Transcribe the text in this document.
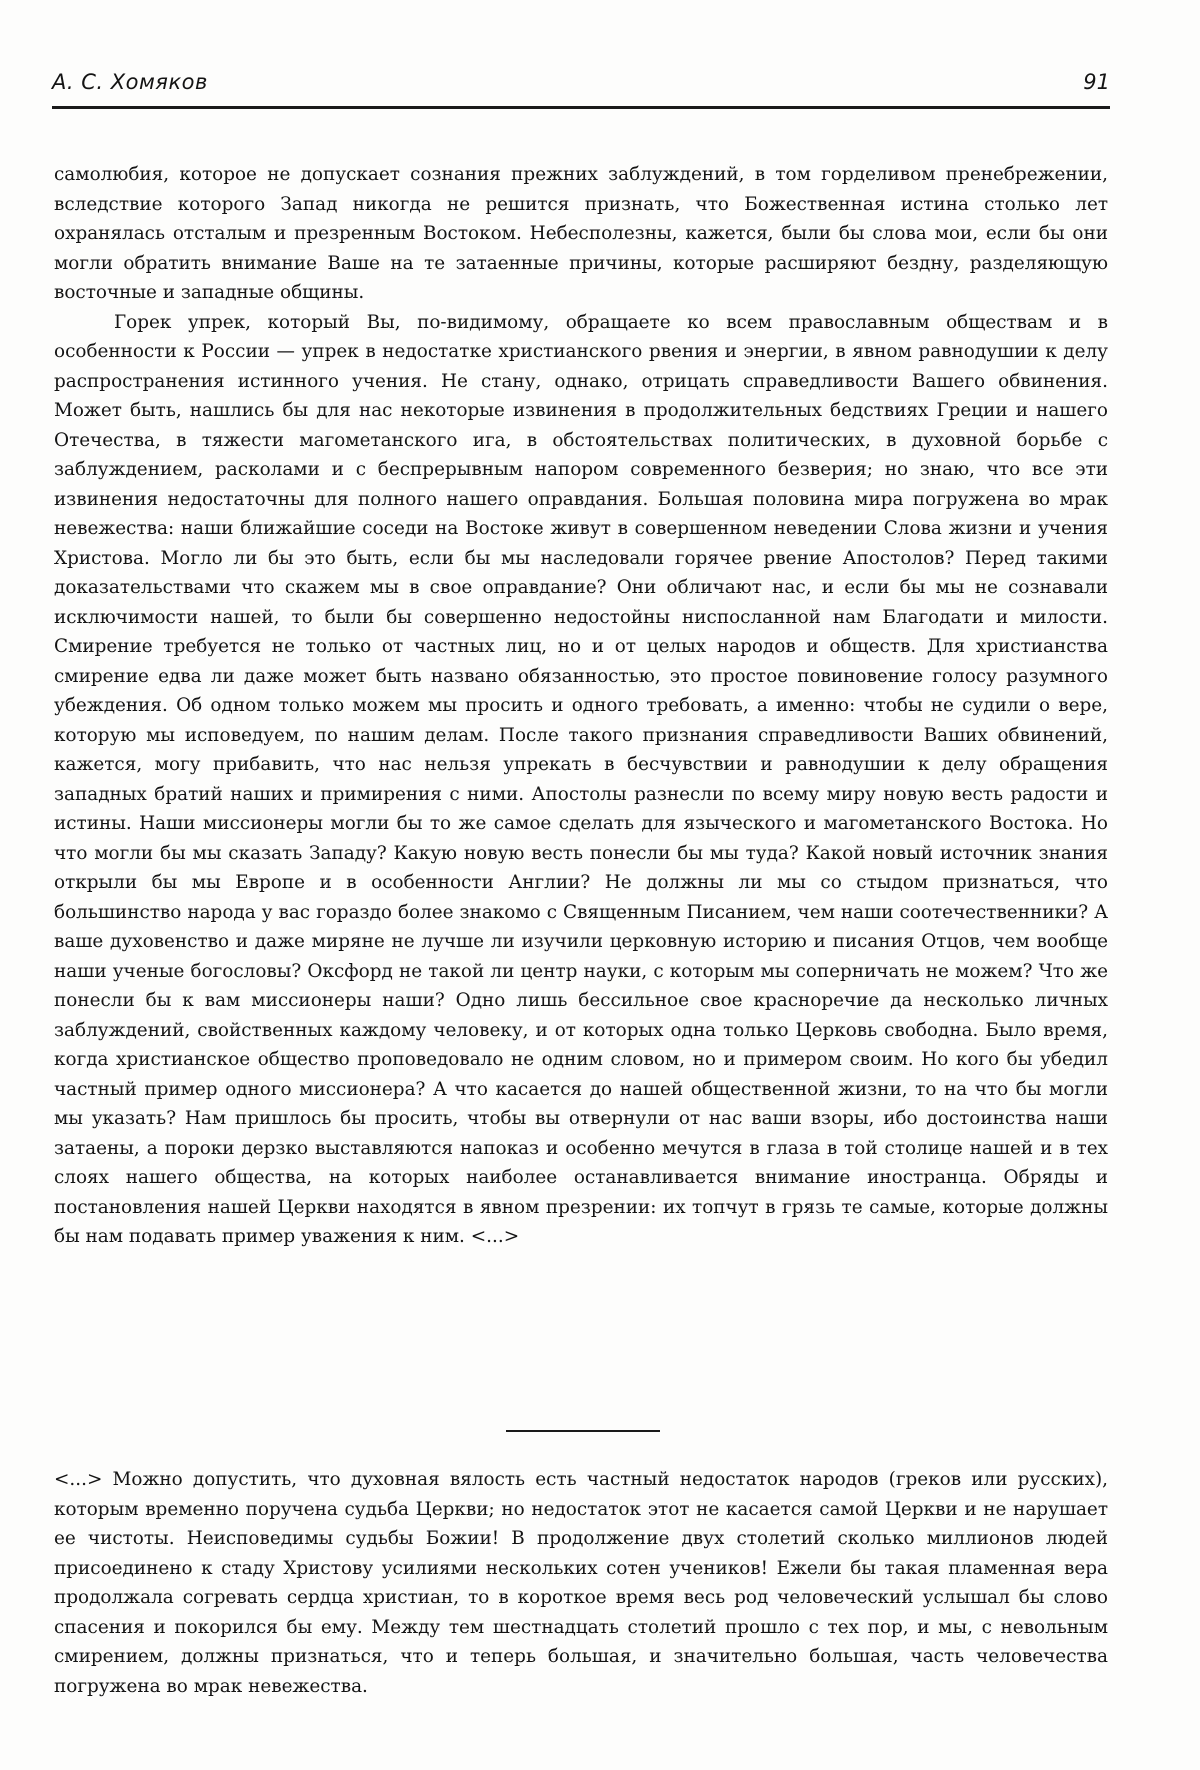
А. С. Хомяков	91

самолюбия, которое не допускает сознания прежних заблуждений, в том горделивом пренебрежении, вследствие которого Запад никогда не решится признать, что Божественная истина столько лет охранялась отсталым и презренным Востоком. Небесполезны, кажется, были бы слова мои, если бы они могли обратить внимание Ваше на те затаенные причины, которые расширяют бездну, разделяющую восточные и западные общины.

Горек упрек, который Вы, по-видимому, обращаете ко всем православным обществам и в особенности к России — упрек в недостатке христианского рвения и энергии, в явном равнодушии к делу распространения истинного учения. Не стану, однако, отрицать справедливости Вашего обвинения. Может быть, нашлись бы для нас некоторые извинения в продолжительных бедствиях Греции и нашего Отечества, в тяжести магометанского ига, в обстоятельствах политических, в духовной борьбе с заблуждением, расколами и с беспрерывным напором современного безверия; но знаю, что все эти извинения недостаточны для полного нашего оправдания. Большая половина мира погружена во мрак невежества: наши ближайшие соседи на Востоке живут в совершенном неведении Слова жизни и учения Христова. Могло ли бы это быть, если бы мы наследовали горячее рвение Апостолов? Перед такими доказательствами что скажем мы в свое оправдание? Они обличают нас, и если бы мы не сознавали исключимости нашей, то были бы совершенно недостойны ниспосланной нам Благодати и милости. Смирение требуется не только от частных лиц, но и от целых народов и обществ. Для христианства смирение едва ли даже может быть названо обязанностью, это простое повиновение голосу разумного убеждения. Об одном только можем мы просить и одного требовать, а именно: чтобы не судили о вере, которую мы исповедуем, по нашим делам. После такого признания справедливости Ваших обвинений, кажется, могу прибавить, что нас нельзя упрекать в бесчувствии и равнодушии к делу обращения западных братий наших и примирения с ними. Апостолы разнесли по всему миру новую весть радости и истины. Наши миссионеры могли бы то же самое сделать для языческого и магометанского Востока. Но что могли бы мы сказать Западу? Какую новую весть понесли бы мы туда? Какой новый источник знания открыли бы мы Европе и в особенности Англии? Не должны ли мы со стыдом признаться, что большинство народа у вас гораздо более знакомо с Священным Писанием, чем наши соотечественники? А ваше духовенство и даже миряне не лучше ли изучили церковную историю и писания Отцов, чем вообще наши ученые богословы? Оксфорд не такой ли центр науки, с которым мы соперничать не можем? Что же понесли бы к вам миссионеры наши? Одно лишь бессильное свое красноречие да несколько личных заблуждений, свойственных каждому человеку, и от которых одна только Церковь свободна. Было время, когда христианское общество проповедовало не одним словом, но и примером своим. Но кого бы убедил частный пример одного миссионера? А что касается до нашей общественной жизни, то на что бы могли мы указать? Нам пришлось бы просить, чтобы вы отвернули от нас ваши взоры, ибо достоинства наши затаены, а пороки дерзко выставляются напоказ и особенно мечутся в глаза в той столице нашей и в тех слоях нашего общества, на которых наиболее останавливается внимание иностранца. Обряды и постановления нашей Церкви находятся в явном презрении: их топчут в грязь те самые, которые должны бы нам подавать пример уважения к ним. <...>

<...> Можно допустить, что духовная вялость есть частный недостаток народов (греков или русских), которым временно поручена судьба Церкви; но недостаток этот не касается самой Церкви и не нарушает ее чистоты. Неисповедимы судьбы Божии! В продолжение двух столетий сколько миллионов людей присоединено к стаду Христову усилиями нескольких сотен учеников! Ежели бы такая пламенная вера продолжала согревать сердца христиан, то в короткое время весь род человеческий услышал бы слово спасения и покорился бы ему. Между тем шестнадцать столетий прошло с тех пор, и мы, с невольным смирением, должны признаться, что и теперь большая, и значительно большая, часть человечества погружена во мрак невежества.
